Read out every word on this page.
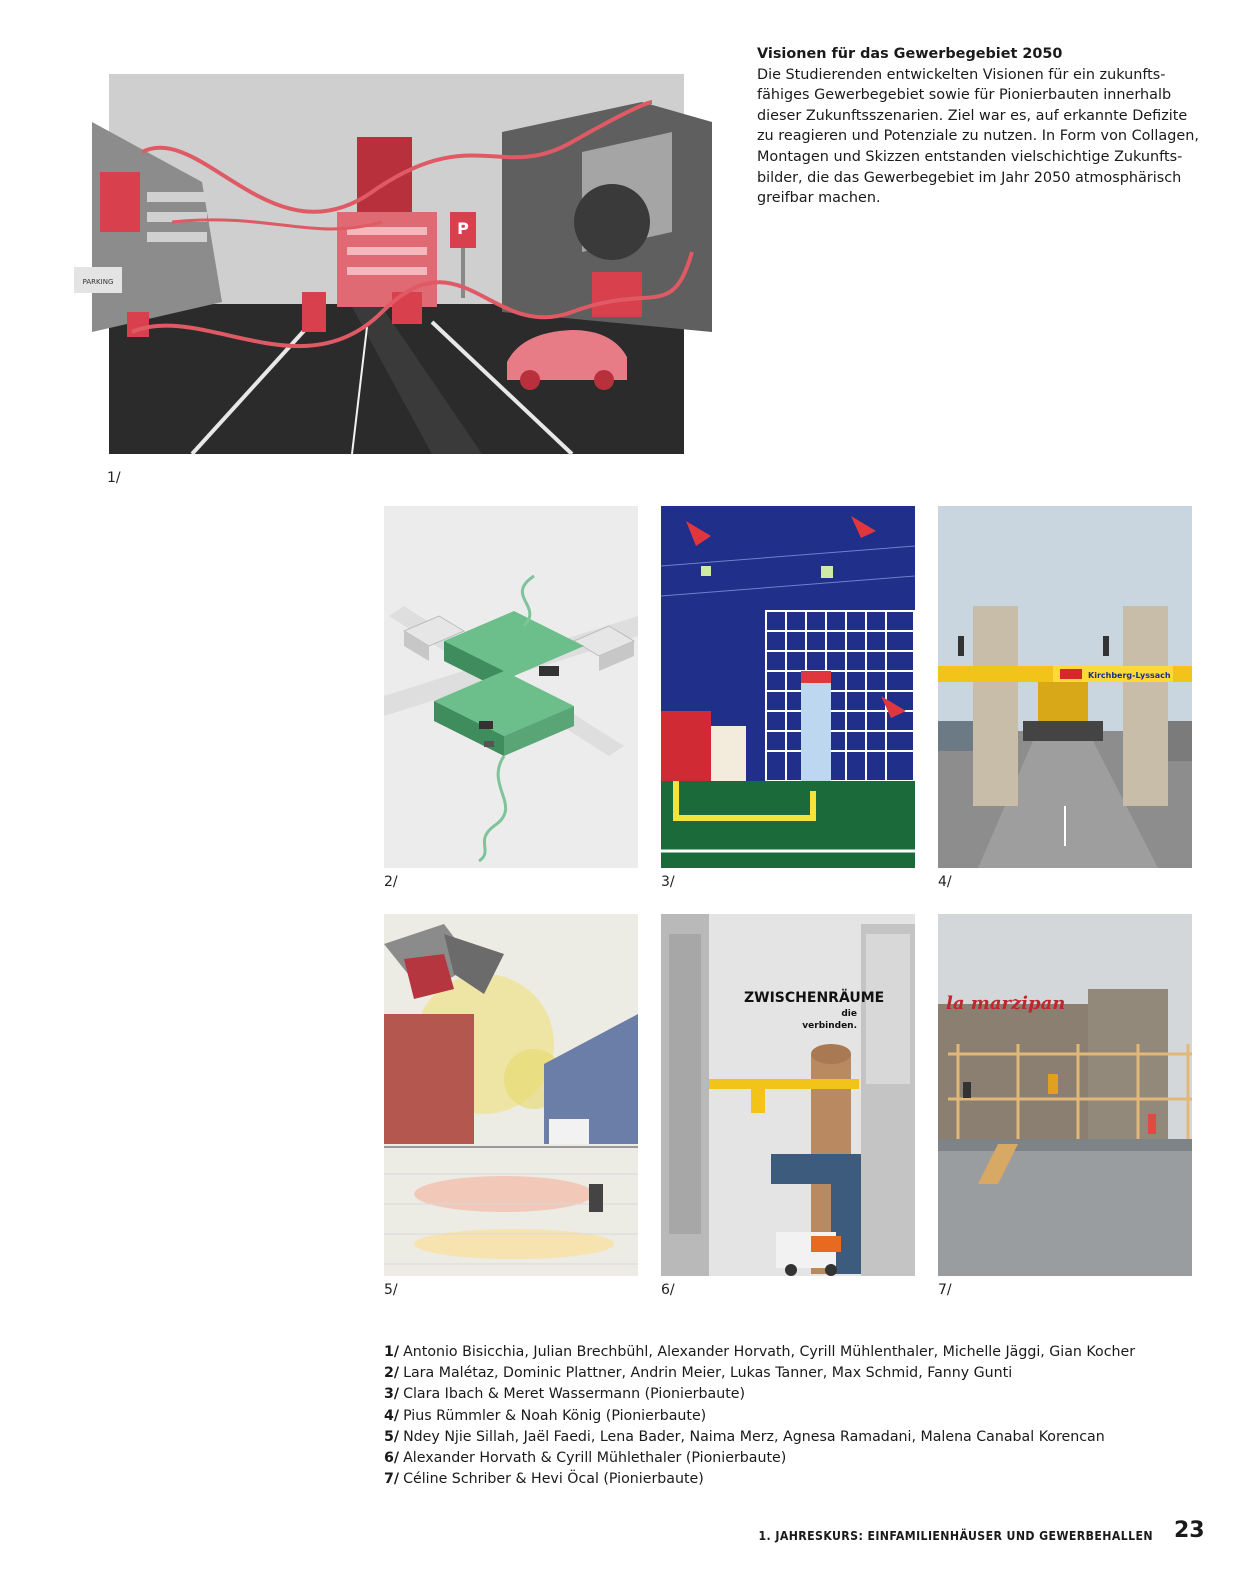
Visionen für das Gewerbegebiet 2050
Die Studierenden entwickelten Visionen für ein zukunfts-fähiges Gewerbegebiet sowie für Pionierbauten innerhalb dieser Zukunftsszenarien. Ziel war es, auf erkannte Defizite zu reagieren und Potenziale zu nutzen. In Form von Collagen, Montagen und Skizzen entstanden vielschichtige Zukunfts-bilder, die das Gewerbegebiet im Jahr 2050 atmosphärisch greifbar machen.
P
PARKING
1/
2/	3/
Kirchberg-Lyssach
4/
5/
ZWISCHENRÄUME
die
verbinden.
6/
la marzipan
7/
1/ Antonio Bisicchia, Julian Brechbühl, Alexander Horvath, Cyrill Mühlenthaler, Michelle Jäggi, Gian Kocher
2/ Lara Malétaz, Dominic Plattner, Andrin Meier, Lukas Tanner, Max Schmid, Fanny Gunti
3/ Clara Ibach & Meret Wassermann (Pionierbaute)
4/ Pius Rümmler & Noah König (Pionierbaute)
5/ Ndey Njie Sillah, Jaël Faedi, Lena Bader, Naima Merz, Agnesa Ramadani, Malena Canabal Korencan
6/ Alexander Horvath & Cyrill Mühlethaler (Pionierbaute)
7/ Céline Schriber & Hevi Öcal (Pionierbaute)
1. JAHRESKURS: EINFAMILIENHÄUSER UND GEWERBEHALLEN 23
